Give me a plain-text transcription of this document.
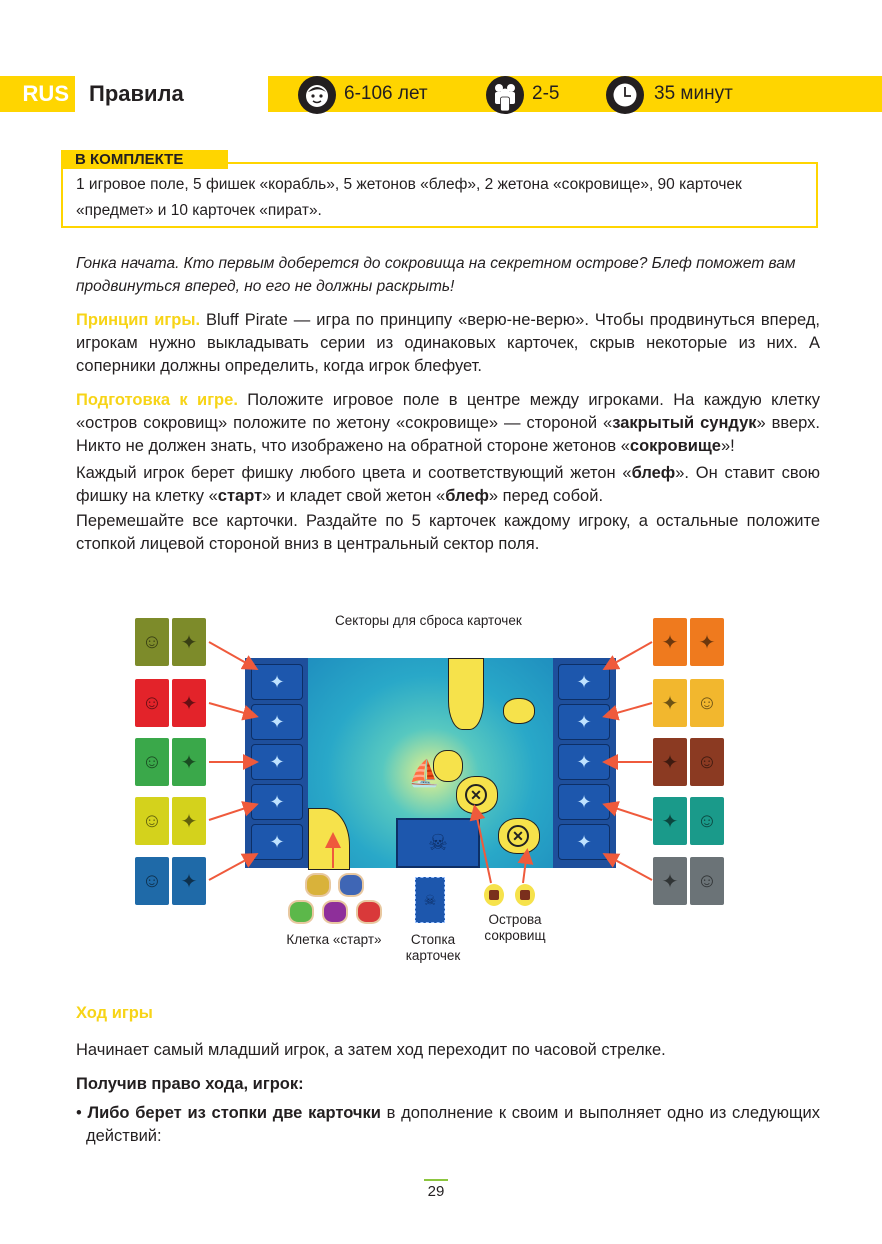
RUS Правила	6-106 лет	2-5	35 минут
В КОМПЛЕКТЕ
1 игровое поле, 5 фишек «корабль», 5 жетонов «блеф», 2 жетона «сокровище», 90 карточек «предмет» и 10 карточек «пират».
Гонка начата. Кто первым доберется до сокровища на секретном острове? Блеф поможет вам продвинуться вперед, но его не должны раскрыть!
Принцип игры. Bluff Pirate — игра по принципу «верю-не-верю». Чтобы продвинуться вперед, игрокам нужно выкладывать серии из одинаковых карточек, скрыв некоторые из них. А соперники должны определить, когда игрок блефует.
Подготовка к игре. Положите игровое поле в центре между игроками. На каждую клетку «остров сокровищ» положите по жетону «сокровище» — стороной «закрытый сундук» вверх. Никто не должен знать, что изображено на обратной стороне жетонов «сокровище»!
Каждый игрок берет фишку любого цвета и соответствующий жетон «блеф». Он ставит свою фишку на клетку «старт» и кладет свой жетон «блеф» перед собой.
Перемешайте все карточки. Раздайте по 5 карточек каждому игроку, а остальные положите стопкой лицевой стороной вниз в центральный сектор поля.
Секторы для сброса карточек
☺ ✦
☺ ✦
☺ ✦
☺ ✦
☺ ✦
✦ ✦
✦ ☺
✦ ☺
✦ ☺
✦ ☺
✕
✕
⛵
☠
✦
✦
✦
✦
✦
✦
✦
✦
✦
✦
☠
Клетка «старт»	Стопка
карточек
Острова
сокровищ
Ход игры
Начинает самый младший игрок, а затем ход переходит по часовой стрелке.
Получив право хода, игрок:
• Либо берет из стопки две карточки в дополнение к своим и выполняет одно из следующих действий:
29
